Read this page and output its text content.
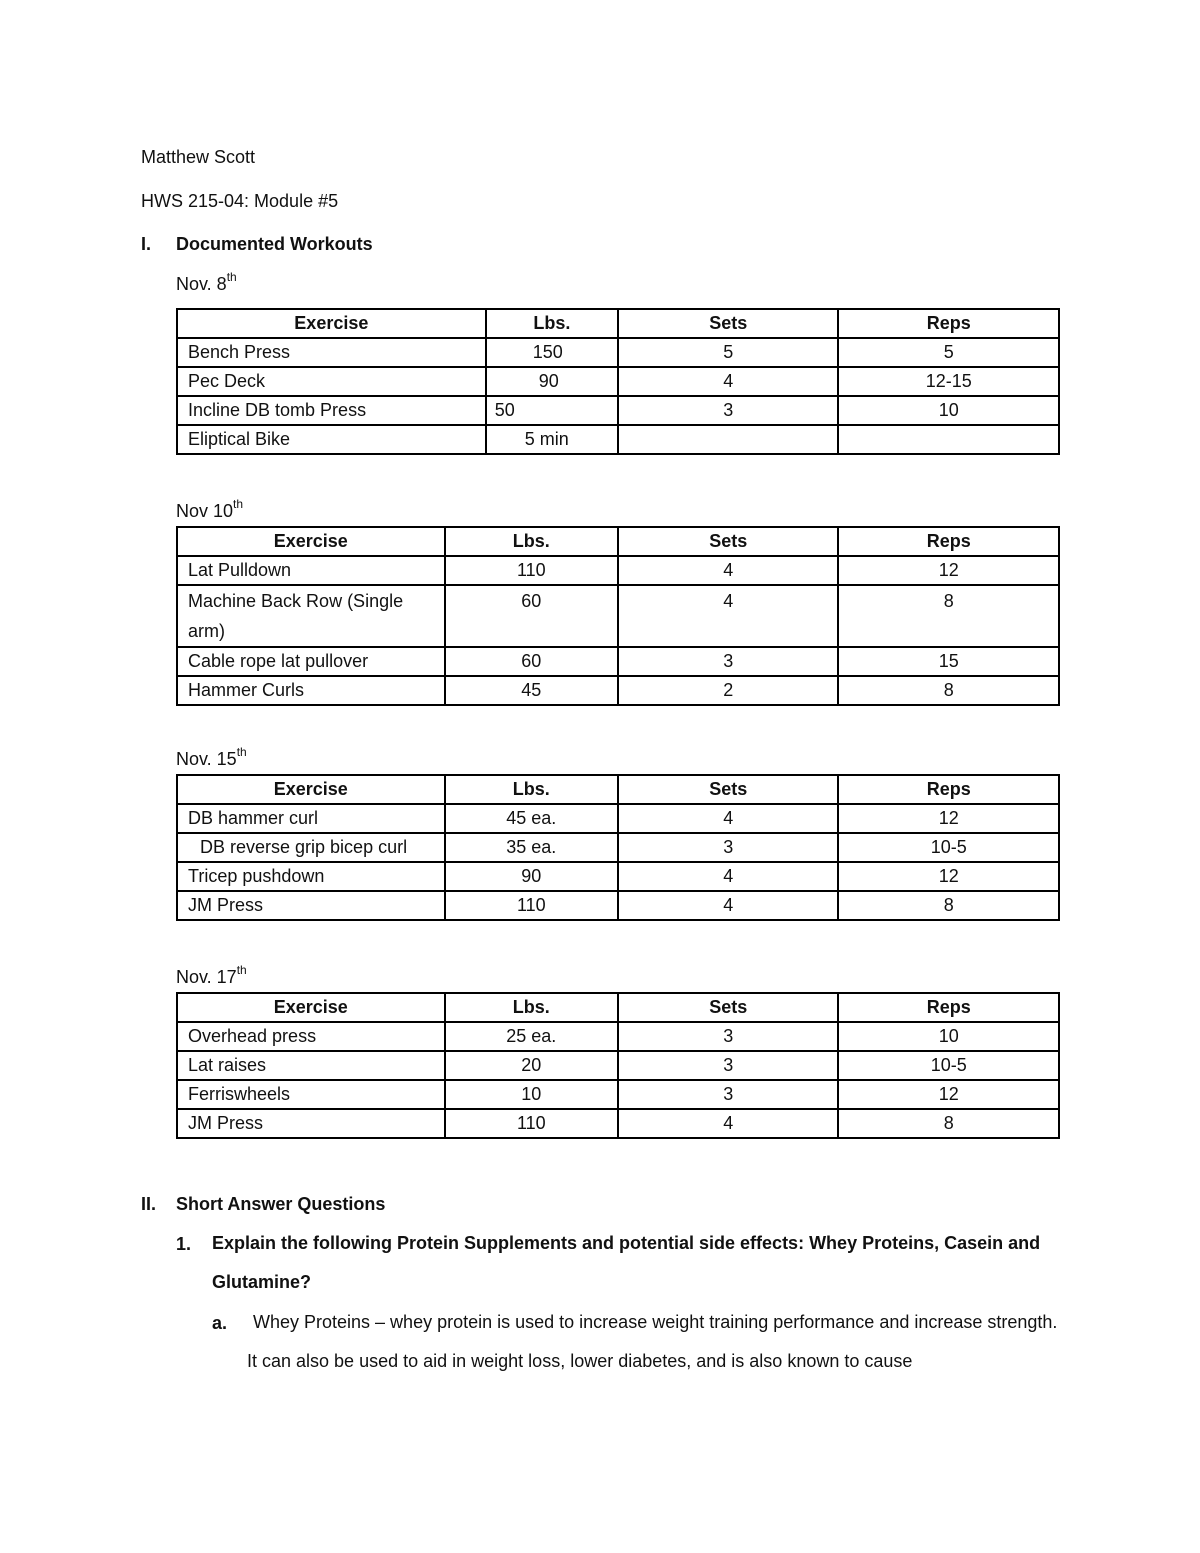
Matthew Scott
HWS 215-04: Module #5
I. Documented Workouts
Nov. 8th
Exercise	Lbs.	Sets	Reps
Bench Press	150	5	5
Pec Deck	90	4	12-15
Incline DB tomb Press	50	3	10
Eliptical Bike	5 min		
Nov 10th
Exercise	Lbs.	Sets	Reps
Lat Pulldown	110	4	12
Machine Back Row (Single arm)	60	4	8
Cable rope lat pullover	60	3	15
Hammer Curls	45	2	8
Nov. 15th
Exercise	Lbs.	Sets	Reps
DB hammer curl	45 ea.	4	12
DB reverse grip bicep curl	35 ea.	3	10-5
Tricep pushdown	90	4	12
JM Press	110	4	8
Nov. 17th
Exercise	Lbs.	Sets	Reps
Overhead press	25 ea.	3	10
Lat raises	20	3	10-5
Ferriswheels	10	3	12
JM Press	110	4	8
II. Short Answer Questions
1. Explain the following Protein Supplements and potential side effects: Whey Proteins, Casein and Glutamine?
a.	Whey Proteins – whey protein is used to increase weight training performance and increase strength. It can also be used to aid in weight loss, lower diabetes, and is also known to cause
